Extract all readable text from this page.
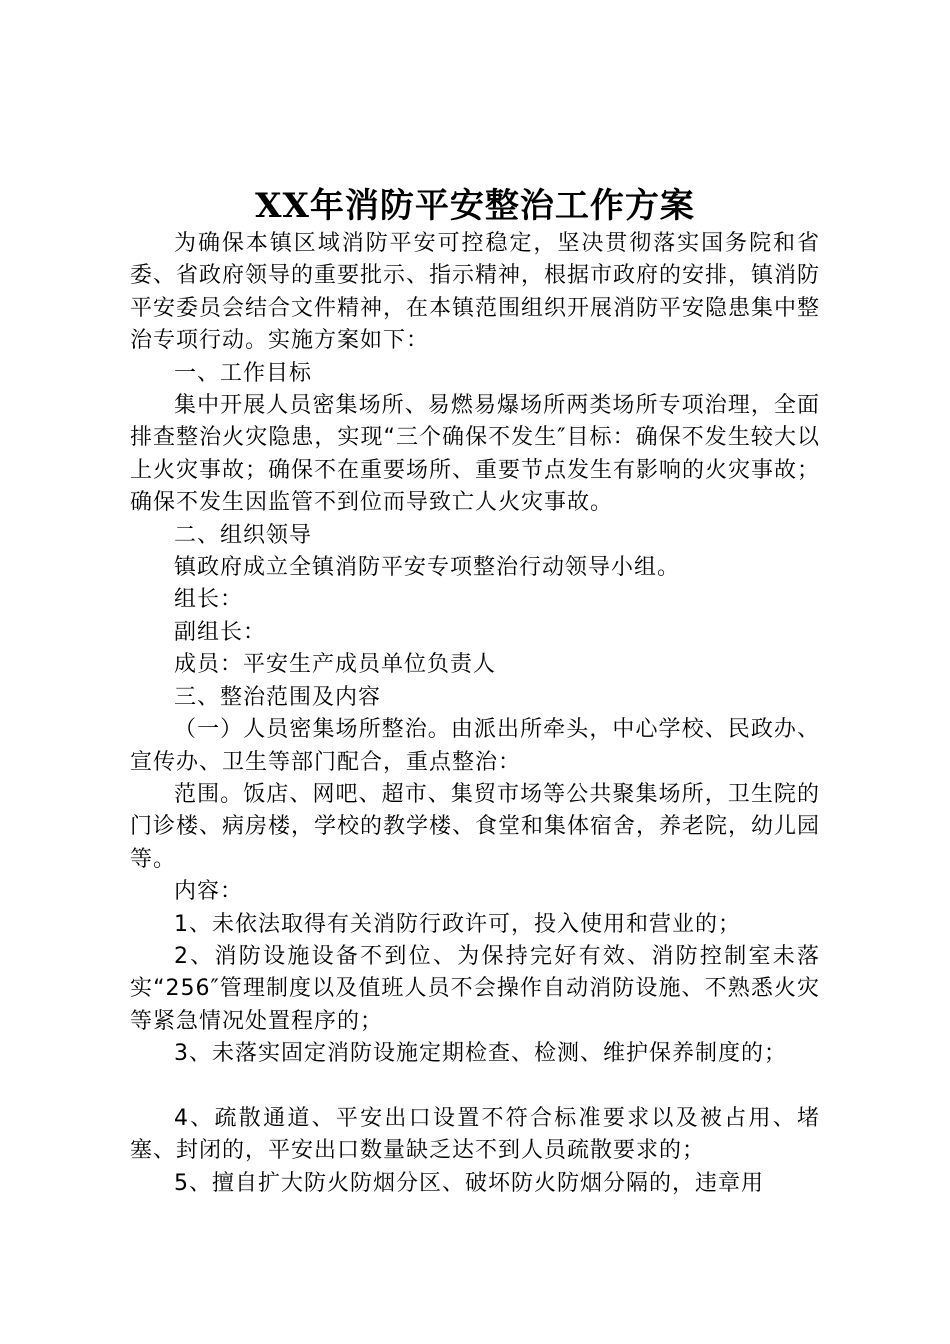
XX年消防平安整治工作方案

为确保本镇区域消防平安可控稳定，坚决贯彻落实国务院和省委、省政府领导的重要批示、指示精神，根据市政府的安排，镇消防平安委员会结合文件精神，在本镇范围组织开展消防平安隐患集中整治专项行动。实施方案如下：

一、工作目标

集中开展人员密集场所、易燃易爆场所两类场所专项治理，全面排查整治火灾隐患，实现“三个确保不发生″目标：确保不发生较大以上火灾事故；确保不在重要场所、重要节点发生有影响的火灾事故；确保不发生因监管不到位而导致亡人火灾事故。

二、组织领导

镇政府成立全镇消防平安专项整治行动领导小组。

组长：

副组长：

成员：平安生产成员单位负责人

三、整治范围及内容

（一）人员密集场所整治。由派出所牵头，中心学校、民政办、宣传办、卫生等部门配合，重点整治：

范围。饭店、网吧、超市、集贸市场等公共聚集场所，卫生院的门诊楼、病房楼，学校的教学楼、食堂和集体宿舍，养老院，幼儿园等。

内容：

1、未依法取得有关消防行政许可，投入使用和营业的；

2、消防设施设备不到位、为保持完好有效、消防控制室未落实“256″管理制度以及值班人员不会操作自动消防设施、不熟悉火灾等紧急情况处置程序的；

3、未落实固定消防设施定期检查、检测、维护保养制度的；

4、疏散通道、平安出口设置不符合标准要求以及被占用、堵塞、封闭的，平安出口数量缺乏达不到人员疏散要求的；

5、擅自扩大防火防烟分区、破坏防火防烟分隔的，违章用
